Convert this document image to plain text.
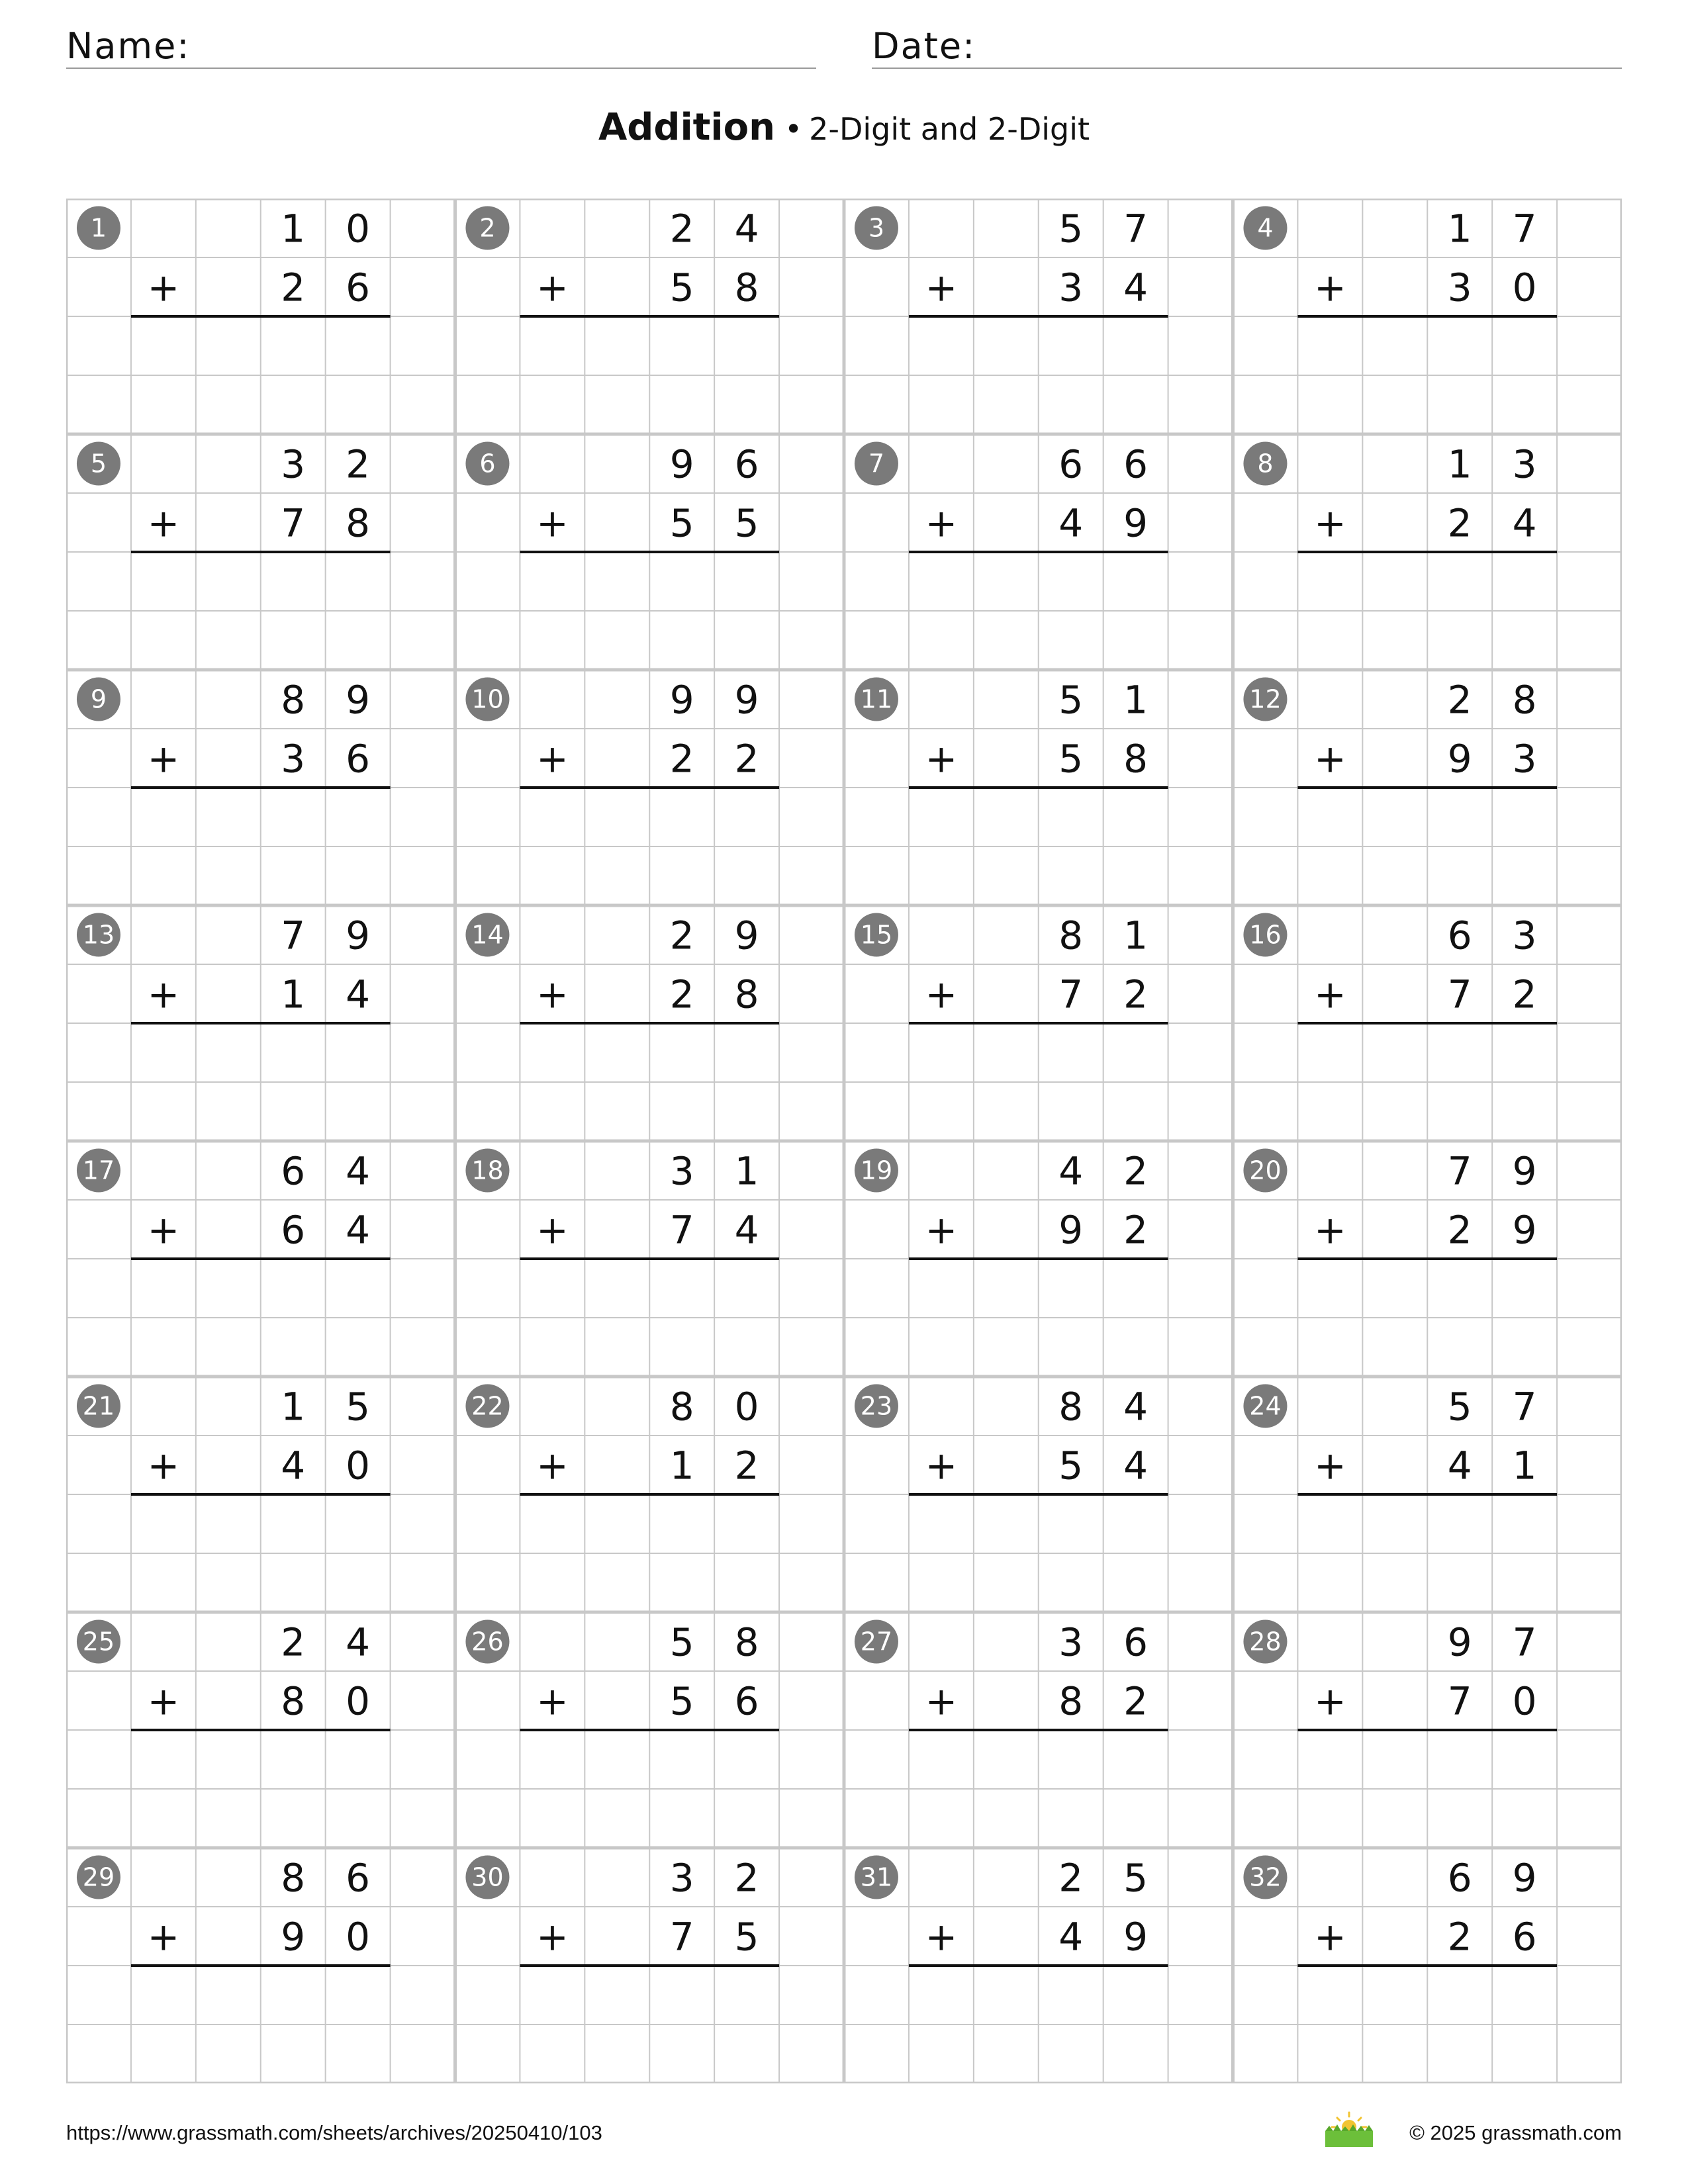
Name:	Date:
Addition • 2-Digit and 2-Digit
1	1 0
+	2 6
2	2 4
+	5 8
3	5 7
+	3 4
4	1 7
+	3 0
5	3 2
+	7 8
6	9 6
+	5 5
7	6 6
+	4 9
8	1 3
+	2 4
9	8 9
+	3 6
10	9 9
+	2 2
11	5 1
+	5 8
12	2 8
+	9 3
13	7 9
+	1 4
14	2 9
+	2 8
15	8 1
+	7 2
16	6 3
+	7 2
17	6 4
+	6 4
18	3 1
+	7 4
19	4 2
+	9 2
20	7 9
+	2 9
21	1 5
+	4 0
22	8 0
+	1 2
23	8 4
+	5 4
24	5 7
+	4 1
25	2 4
+	8 0
26	5 8
+	5 6
27	3 6
+	8 2
28	9 7
+	7 0
29	8 6
+	9 0
30	3 2
+	7 5
31	2 5
+	4 9
32	6 9
+	2 6
https://www.grassmath.com/sheets/archives/20250410/103	© 2025 grassmath.com
